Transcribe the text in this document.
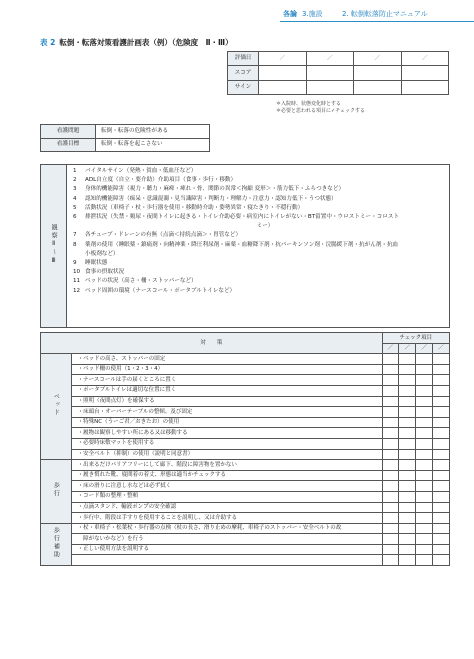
各論 3.施設	2. 転倒転落防止マニュアル
表 2 転倒・転落対策看護計画表（例）（危険度　Ⅱ・Ⅲ）
評価日	／	／	／	／

スコア				
サイン				
＊入院時、状態変化時とする
＊必要と思われる項目に✓チェックする
看護問題	転倒・転落の危険性がある
看護目標	転倒・転落を起こさない
観察Ⅱ〜Ⅲ	
1	バイタルサイン（発熱・貧血・低血圧など）
2	ADL自立度（自立・要介助）介助項目（食事・歩行・移動）
3	身体的機能障害（視力・聴力・麻痺・痺れ・骨、関節の異常＜拘縮 変形＞・筋力低下・ふらつきなど）
4	認知的機能障害（痴呆・意識混濁・見当識障害・判断力・理解力・注意力・認知力低下・うつ状態）
5	活動状況（車椅子・杖・歩行器を使用・移動時介助・姿勢異常・寝たきり・不穏行動）
6	排泄状況（失禁・頻尿・夜間トイレに起きる・トイレ介助必要・病室内にトイレがない・BT留置中・ウロストミー・コロスト
ミー）
7	各チューブ・ドレーンの有無（点滴＜持続点滴＞・胃管など）
8	薬剤の使用（睡眠薬・鎮痛剤・向精神薬・降圧利尿剤・麻薬・血糖降下剤・抗パーキンソン剤・浣腸緩下剤・抗がん剤・抗血
小板剤など）
9	睡眠状態
10 食事の摂取状況
11 ベッドの状況（高さ・柵・ストッパーなど）
12 ベッド周囲の環境（ナースコール・ポータブルトイレなど）
対　　策		チェック項目			
		／	／	／	／
ベッド	・ベッドの高さ、ストッパーの固定				
	・ベッド柵の使用（1・2・3・4）				
	・ナースコールは手の届くところに置く				
	・ポータブルトイレは適切な位置に置く				
	・照明（夜間点灯）を確保する				
	・床頭台・オーバーテーブルの整頓、及び固定				
	・特殊NC（うーご君／おきたお）の使用				
	・履物は観察しやすい所にある又は移動する				
	・必要時床敷マットを使用する				
	・安全ベルト（抑制）の使用（説明と同意書）				
歩行	・出来るだけバリアフリーにして廊下、階段に障害物を置かない				
	・履き慣れた靴、寝間着の着丈、形態は適当かチェックする				
	・床の滑りに注意し水などは必ず拭く				
	・コード類の整理・整頓				
	・点滴スタンド、輸液ポンプの安全確認				
	・歩行中、階段は手すりを使用することを説明し、又は介助する				
歩行補助	・杖・車椅子・松葉杖・歩行器の点検（杖の長さ、滑り止めの摩耗、車椅子のストッパー・安全ベルトの故				
	　障がないかなど）を行う				
	・正しい使用方法を説明する				
